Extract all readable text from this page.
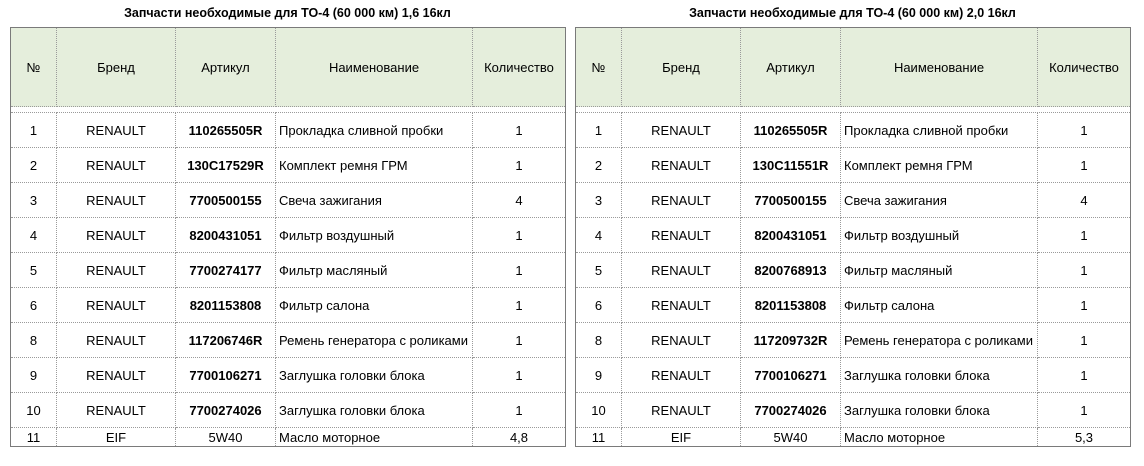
Запчасти необходимые для ТО-4 (60 000 км) 1,6 16кл
№	Бренд	Артикул	Наименование	Количество

1	RENAULT	110265505R	Прокладка сливной пробки	1
2	RENAULT	130C17529R	Комплект ремня ГРМ	1
3	RENAULT	7700500155	Свеча зажигания	4
4	RENAULT	8200431051	Фильтр воздушный	1
5	RENAULT	7700274177	Фильтр масляный	1
6	RENAULT	8201153808	Фильтр салона	1
8	RENAULT	117206746R	Ремень генератора с роликами	1
9	RENAULT	7700106271	Заглушка головки блока	1
10	RENAULT	7700274026	Заглушка головки блока	1
11	EIF	5W40	Масло моторное	4,8
Запчасти необходимые для ТО-4 (60 000 км) 2,0 16кл
№	Бренд	Артикул	Наименование	Количество

1	RENAULT	110265505R	Прокладка сливной пробки	1
2	RENAULT	130C11551R	Комплект ремня ГРМ	1
3	RENAULT	7700500155	Свеча зажигания	4
4	RENAULT	8200431051	Фильтр воздушный	1
5	RENAULT	8200768913	Фильтр масляный	1
6	RENAULT	8201153808	Фильтр салона	1
8	RENAULT	117209732R	Ремень генератора с роликами	1
9	RENAULT	7700106271	Заглушка головки блока	1
10	RENAULT	7700274026	Заглушка головки блока	1
11	EIF	5W40	Масло моторное	5,3
